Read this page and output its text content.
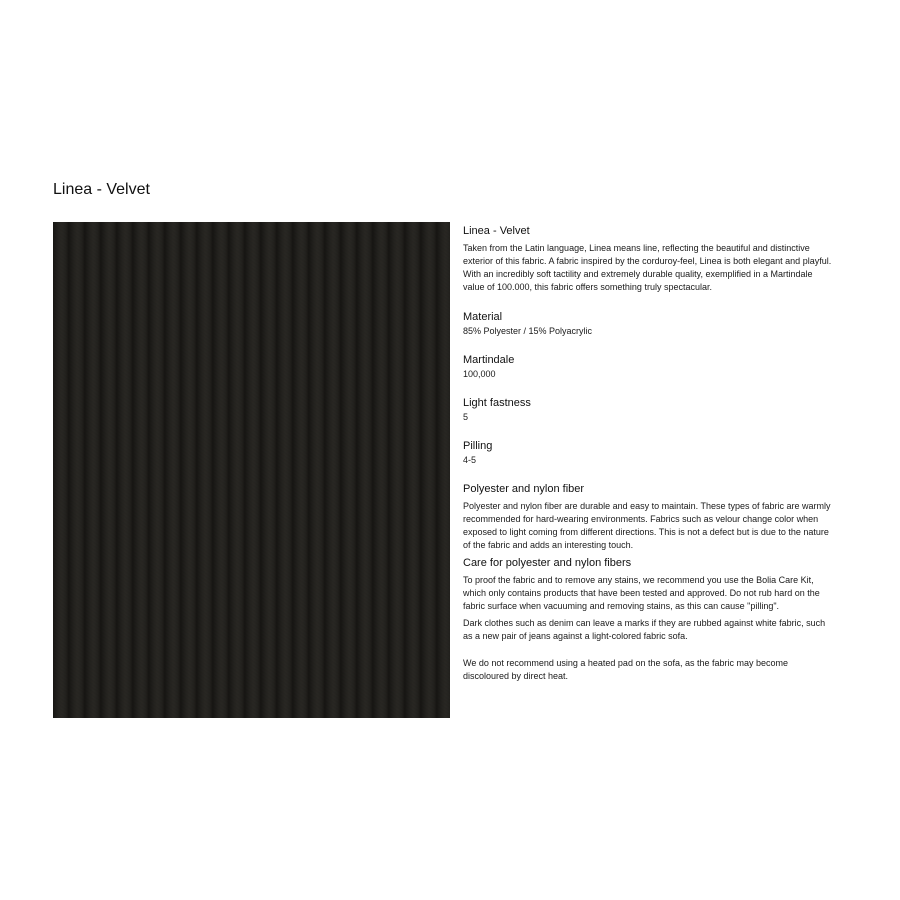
Linea - Velvet
Linea - Velvet

Taken from the Latin language, Linea means line, reflecting the beautiful and distinctive exterior of this fabric. A fabric inspired by the corduroy-feel, Linea is both elegant and playful. With an incredibly soft tactility and extremely durable quality, exemplified in a Martindale value of 100.000, this fabric offers something truly spectacular.

Material
85% Polyester / 15% Polyacrylic
Martindale
100,000
Light fastness
5
Pilling
4-5
Polyester and nylon fiber

Polyester and nylon fiber are durable and easy to maintain. These types of fabric are warmly recommended for hard-wearing environments. Fabrics such as velour change color when exposed to light coming from different directions. This is not a defect but is due to the nature of the fabric and adds an interesting touch.

Care for polyester and nylon fibers

To proof the fabric and to remove any stains, we recommend you use the Bolia Care Kit, which only contains products that have been tested and approved. Do not rub hard on the fabric surface when vacuuming and removing stains, as this can cause "pilling".

Dark clothes such as denim can leave a marks if they are rubbed against white fabric, such as a new pair of jeans against a light-colored fabric sofa.

We do not recommend using a heated pad on the sofa, as the fabric may become discoloured by direct heat.
